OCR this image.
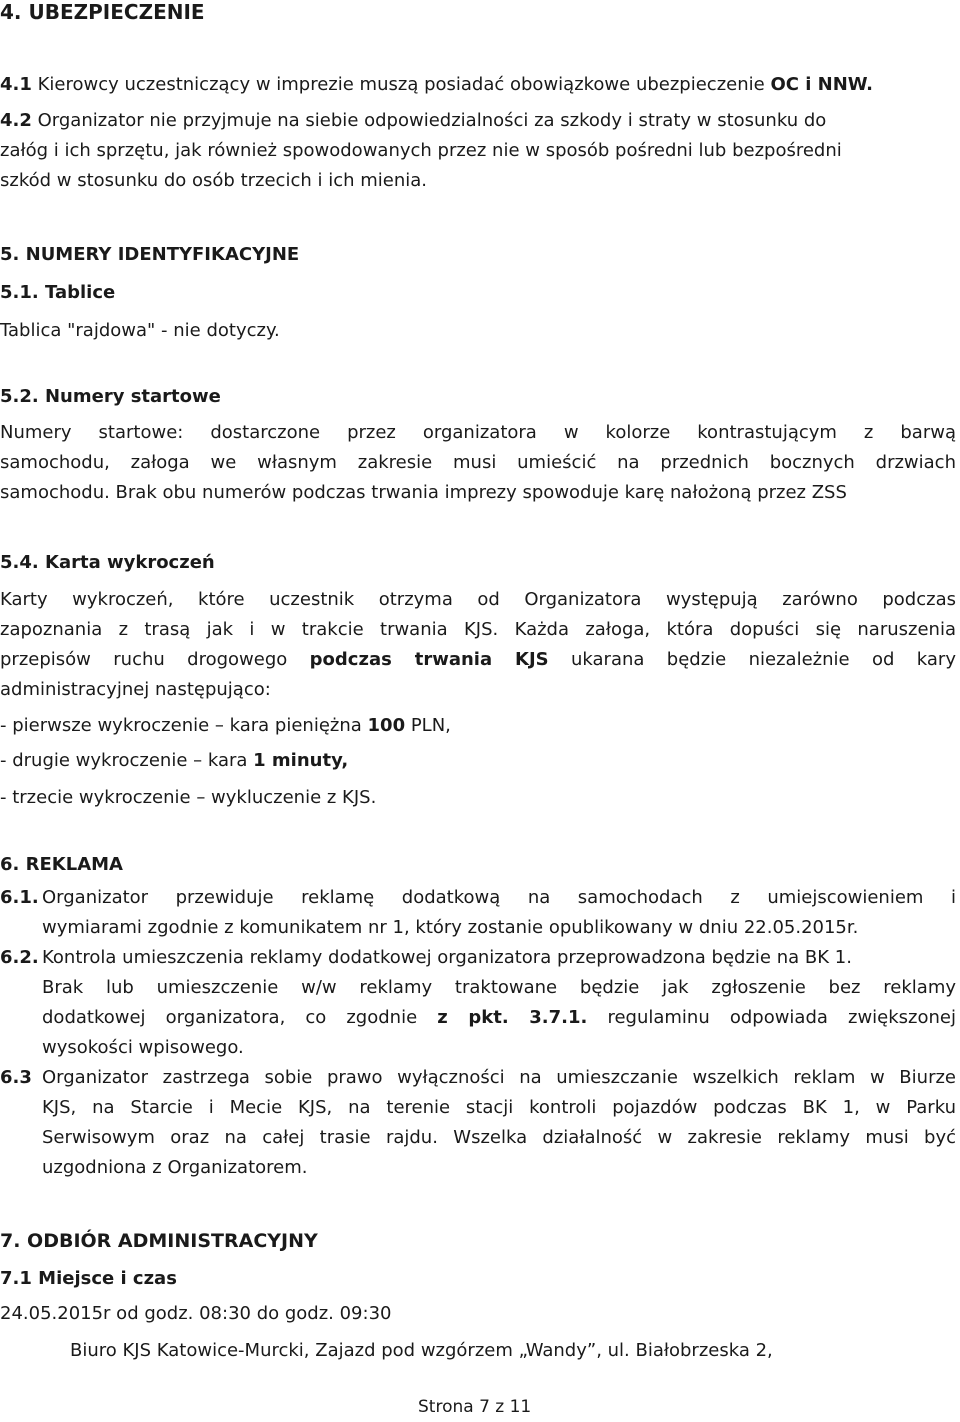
4. UBEZPIECZENIE
4.1 Kierowcy uczestniczący w imprezie muszą posiadać obowiązkowe ubezpieczenie OC i NNW.
4.2 Organizator nie przyjmuje na siebie odpowiedzialności za szkody i straty w stosunku do
załóg i ich sprzętu, jak również spowodowanych przez nie w sposób pośredni lub bezpośredni
szkód w stosunku do osób trzecich i ich mienia.
5. NUMERY IDENTYFIKACYJNE
5.1. Tablice
Tablica "rajdowa" - nie dotyczy.
5.2. Numery startowe
Numery startowe: dostarczone przez organizatora w kolorze kontrastującym z barwą
samochodu, załoga we własnym zakresie musi umieścić na przednich bocznych drzwiach
samochodu. Brak obu numerów podczas trwania imprezy spowoduje karę nałożoną przez ZSS
5.4. Karta wykroczeń
Karty wykroczeń, które uczestnik otrzyma od Organizatora występują zarówno podczas
zapoznania z trasą jak i w trakcie trwania KJS. Każda załoga, która dopuści się naruszenia
przepisów ruchu drogowego podczas trwania KJS ukarana będzie niezależnie od kary
administracyjnej następująco:
- pierwsze wykroczenie – kara pieniężna 100 PLN,
- drugie wykroczenie – kara 1 minuty,
- trzecie wykroczenie – wykluczenie z KJS.
6. REKLAMA
6.1. Organizator przewiduje reklamę dodatkową na samochodach z umiejscowieniem i
wymiarami zgodnie z komunikatem nr 1, który zostanie opublikowany w dniu 22.05.2015r.
6.2. Kontrola umieszczenia reklamy dodatkowej organizatora przeprowadzona będzie na BK 1.
Brak lub umieszczenie w/w reklamy traktowane będzie jak zgłoszenie bez reklamy
dodatkowej organizatora, co zgodnie z pkt. 3.7.1. regulaminu odpowiada zwiększonej
wysokości wpisowego.
6.3 Organizator zastrzega sobie prawo wyłączności na umieszczanie wszelkich reklam w Biurze
KJS, na Starcie i Mecie KJS, na terenie stacji kontroli pojazdów podczas BK 1, w Parku
Serwisowym oraz na całej trasie rajdu. Wszelka działalność w zakresie reklamy musi być
uzgodniona z Organizatorem.
7. ODBIÓR ADMINISTRACYJNY
7.1 Miejsce i czas
24.05.2015r od godz. 08:30 do godz. 09:30
Biuro KJS Katowice-Murcki, Zajazd pod wzgórzem „Wandy”, ul. Białobrzeska 2,
Strona 7 z 11
